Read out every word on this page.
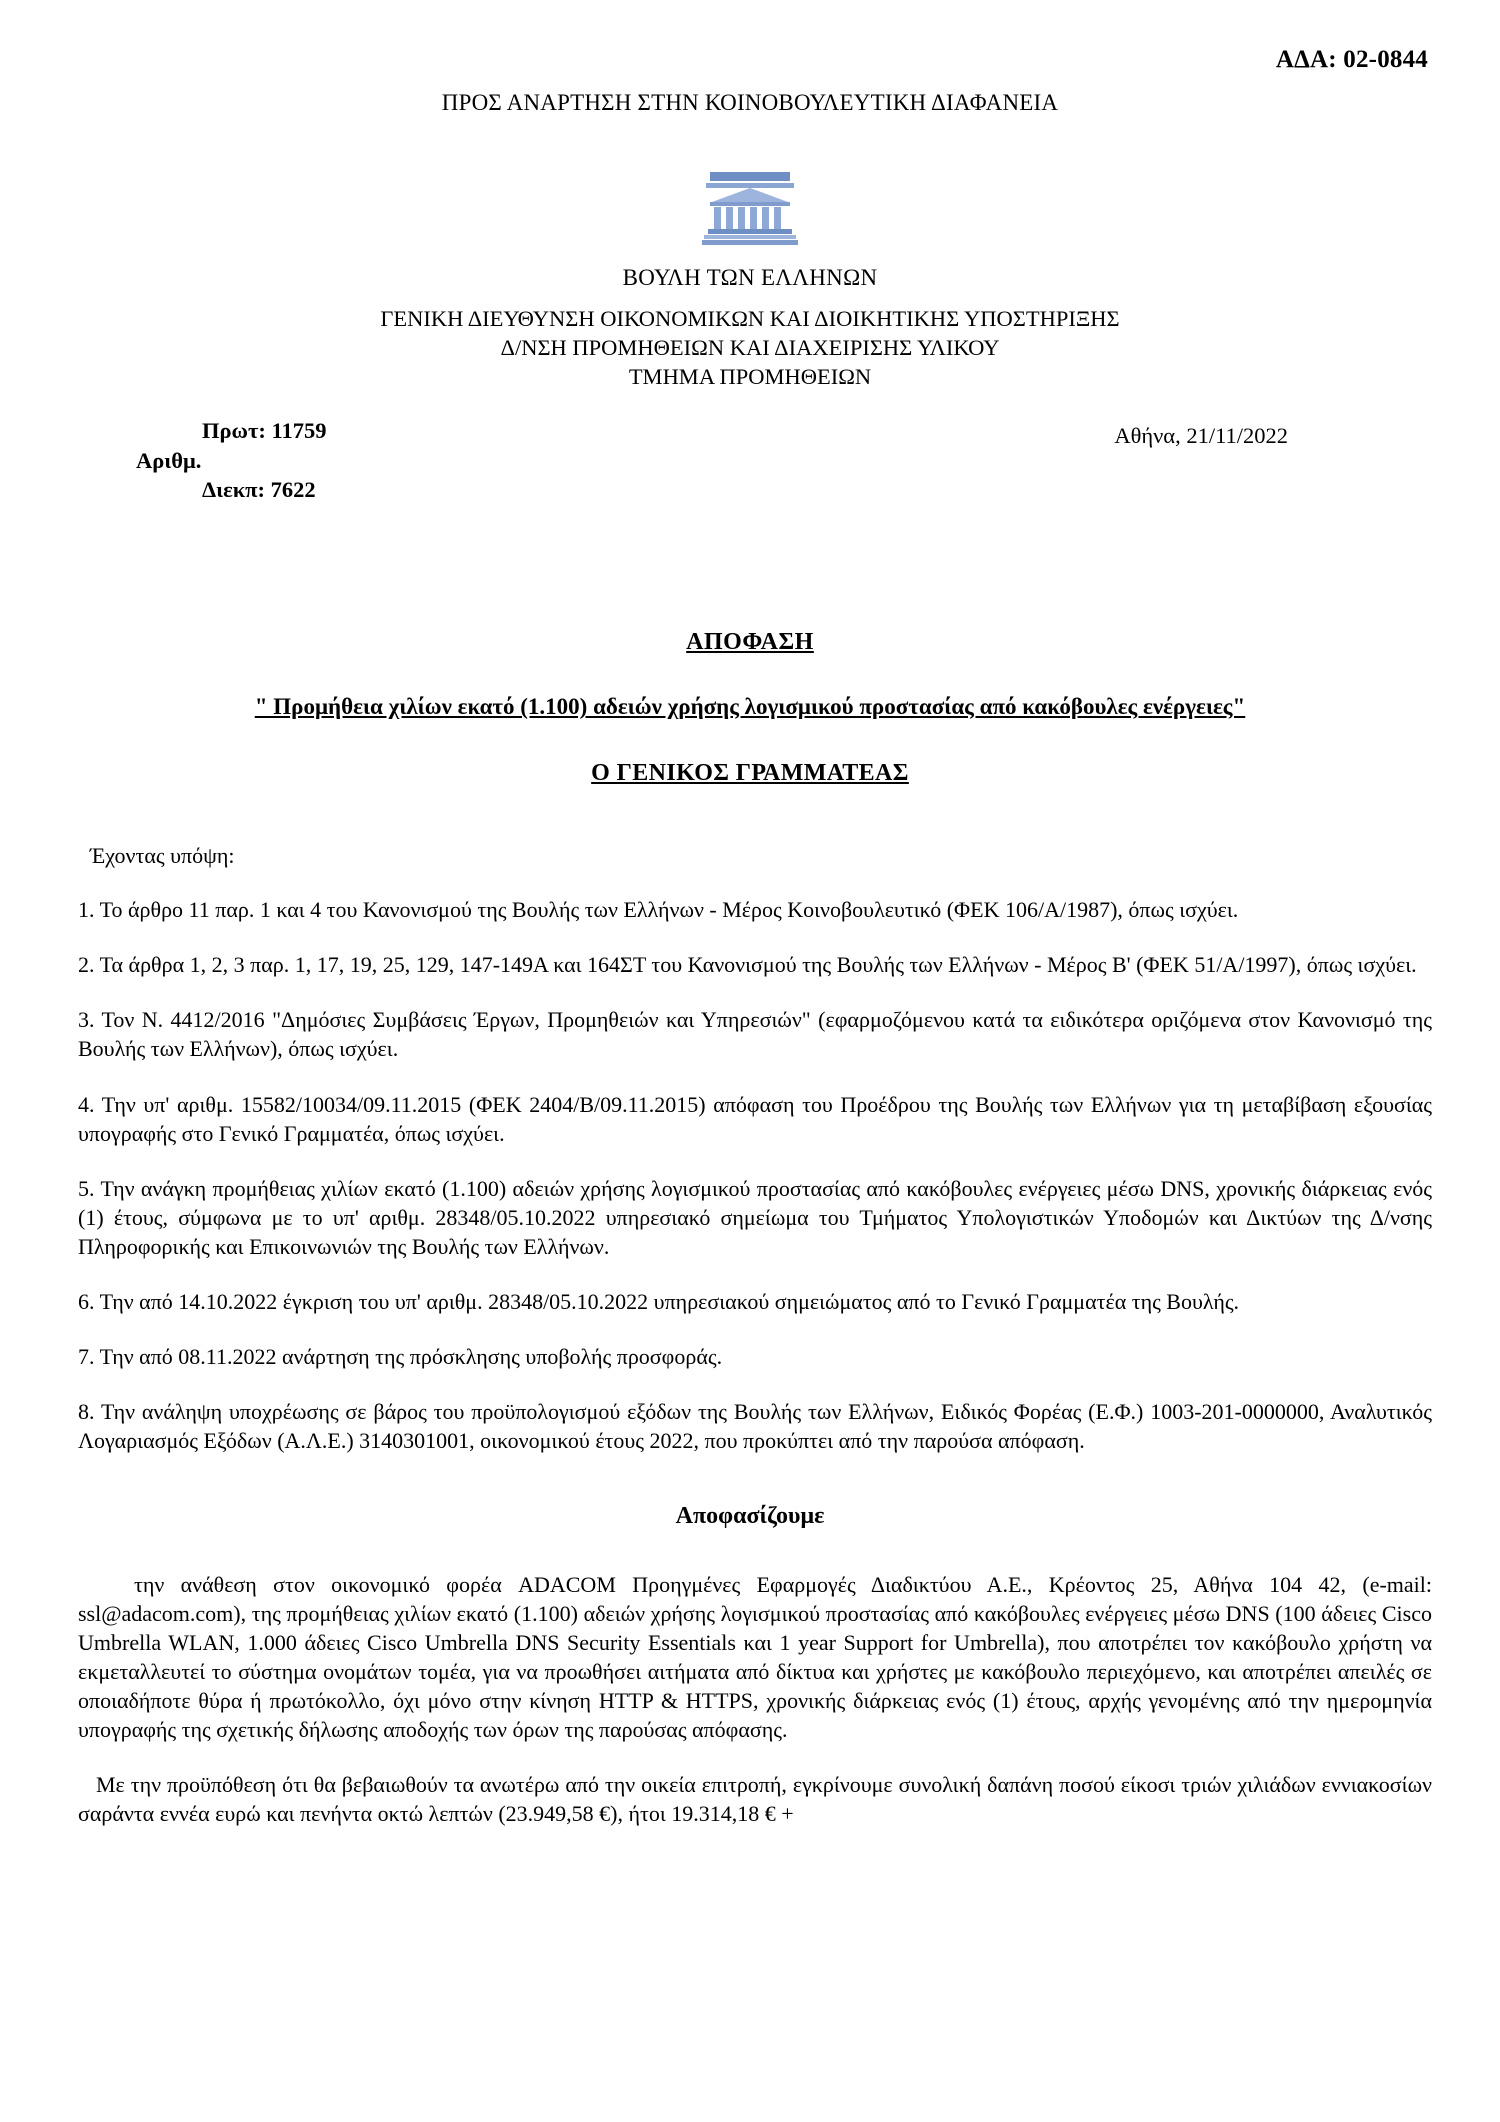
ΑΔΑ: 02-0844
ΠΡΟΣ ΑΝΑΡΤΗΣΗ ΣΤΗΝ ΚΟΙΝΟΒΟΥΛΕΥΤΙΚΗ ΔΙΑΦΑΝΕΙΑ
ΒΟΥΛΗ ΤΩΝ ΕΛΛΗΝΩΝ
ΓΕΝΙΚΗ ΔΙΕΥΘΥΝΣΗ ΟΙΚΟΝΟΜΙΚΩΝ ΚΑΙ ΔΙΟΙΚΗΤΙΚΗΣ ΥΠΟΣΤΗΡΙΞΗΣ
Δ/ΝΣΗ ΠΡΟΜΗΘΕΙΩΝ ΚΑΙ ΔΙΑΧΕΙΡΙΣΗΣ ΥΛΙΚΟΥ
ΤΜΗΜΑ ΠΡΟΜΗΘΕΙΩΝ
Πρωτ: 11759
Αριθμ.
Διεκπ: 7622
Αθήνα, 21/11/2022
ΑΠΟΦΑΣΗ
" Προμήθεια χιλίων εκατό (1.100) αδειών χρήσης λογισμικού προστασίας από κακόβουλες ενέργειες"
Ο ΓΕΝΙΚΟΣ ΓΡΑΜΜΑΤΕΑΣ
Έχοντας υπόψη:

1. Το άρθρο 11 παρ. 1 και 4 του Κανονισμού της Βουλής των Ελλήνων - Μέρος Κοινοβουλευτικό (ΦΕΚ 106/Α/1987), όπως ισχύει.

2. Τα άρθρα 1, 2, 3 παρ. 1, 17, 19, 25, 129, 147-149Α και 164ΣΤ του Κανονισμού της Βουλής των Ελλήνων - Μέρος Β' (ΦΕΚ 51/Α/1997), όπως ισχύει.

3. Τον Ν. 4412/2016 "Δημόσιες Συμβάσεις Έργων, Προμηθειών και Υπηρεσιών" (εφαρμοζόμενου κατά τα ειδικότερα οριζόμενα στον Κανονισμό της Βουλής των Ελλήνων), όπως ισχύει.

4. Την υπ' αριθμ. 15582/10034/09.11.2015 (ΦΕΚ 2404/Β/09.11.2015) απόφαση του Προέδρου της Βουλής των Ελλήνων για τη μεταβίβαση εξουσίας υπογραφής στο Γενικό Γραμματέα, όπως ισχύει.

5. Την ανάγκη προμήθειας χιλίων εκατό (1.100) αδειών χρήσης λογισμικού προστασίας από κακόβουλες ενέργειες μέσω DNS, χρονικής διάρκειας ενός (1) έτους, σύμφωνα με το υπ' αριθμ. 28348/05.10.2022 υπηρεσιακό σημείωμα του Τμήματος Υπολογιστικών Υποδομών και Δικτύων της Δ/νσης Πληροφορικής και Επικοινωνιών της Βουλής των Ελλήνων.

6. Την από 14.10.2022 έγκριση του υπ' αριθμ. 28348/05.10.2022 υπηρεσιακού σημειώματος από το Γενικό Γραμματέα της Βουλής.

7. Την από 08.11.2022 ανάρτηση της πρόσκλησης υποβολής προσφοράς.

8. Την ανάληψη υποχρέωσης σε βάρος του προϋπολογισμού εξόδων της Βουλής των Ελλήνων, Ειδικός Φορέας (Ε.Φ.) 1003-201-0000000, Αναλυτικός Λογαριασμός Εξόδων (Α.Λ.Ε.) 3140301001, οικονομικού έτους 2022, που προκύπτει από την παρούσα απόφαση.

Αποφασίζουμε

την ανάθεση στον οικονομικό φορέα ADACOM Προηγμένες Εφαρμογές Διαδικτύου Α.Ε., Κρέοντος 25, Αθήνα 104 42, (e-mail: ssl@adacom.com), της προμήθειας χιλίων εκατό (1.100) αδειών χρήσης λογισμικού προστασίας από κακόβουλες ενέργειες μέσω DNS (100 άδειες Cisco Umbrella WLAN, 1.000 άδειες Cisco Umbrella DNS Security Essentials και 1 year Support for Umbrella), που αποτρέπει τον κακόβουλο χρήστη να εκμεταλλευτεί το σύστημα ονομάτων τομέα, για να προωθήσει αιτήματα από δίκτυα και χρήστες με κακόβουλο περιεχόμενο, και αποτρέπει απειλές σε οποιαδήποτε θύρα ή πρωτόκολλο, όχι μόνο στην κίνηση HTTP & HTTPS, χρονικής διάρκειας ενός (1) έτους, αρχής γενομένης από την ημερομηνία υπογραφής της σχετικής δήλωσης αποδοχής των όρων της παρούσας απόφασης.

Με την προϋπόθεση ότι θα βεβαιωθούν τα ανωτέρω από την οικεία επιτροπή, εγκρίνουμε συνολική δαπάνη ποσού είκοσι τριών χιλιάδων εννιακοσίων σαράντα εννέα ευρώ και πενήντα οκτώ λεπτών (23.949,58 €), ήτοι 19.314,18 € +
